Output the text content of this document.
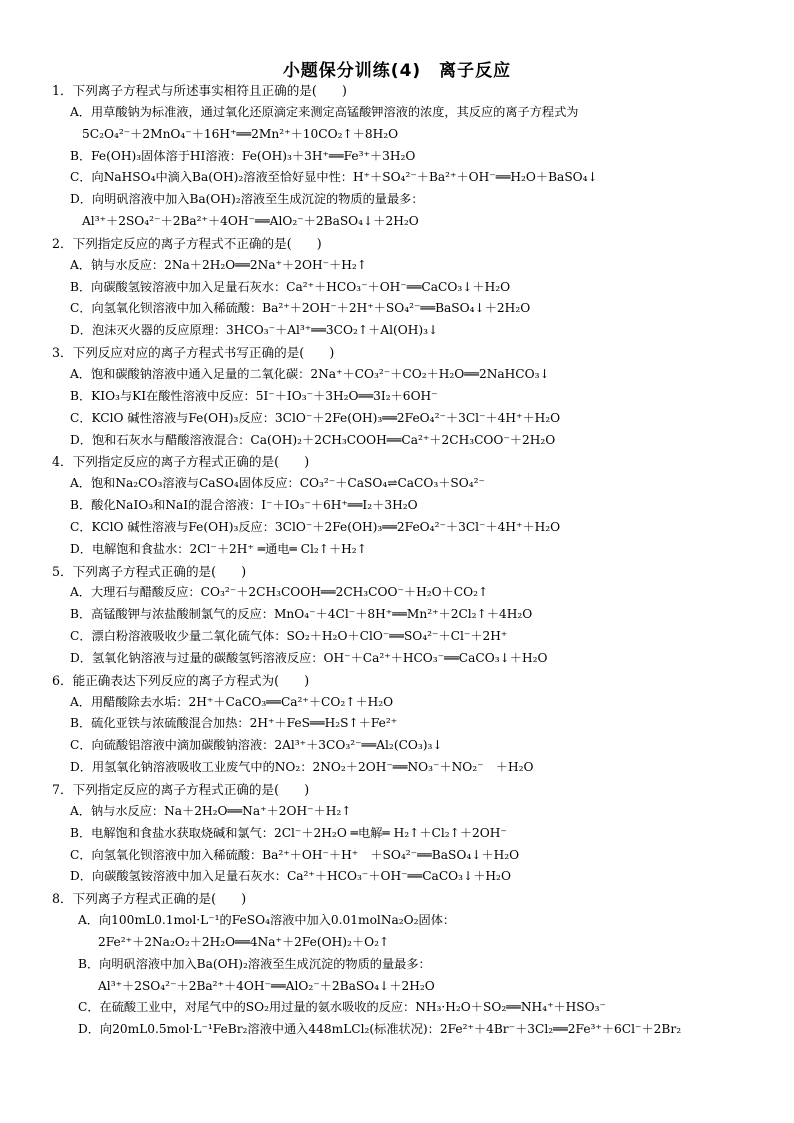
小题保分训练(4)　离子反应
1．下列离子方程式与所述事实相符且正确的是(　　)
A．用草酸钠为标准液，通过氧化还原滴定来测定高锰酸钾溶液的浓度，其反应的离子方程式为
5C₂O₄²⁻＋2MnO₄⁻＋16H⁺══2Mn²⁺＋10CO₂↑＋8H₂O
B．Fe(OH)₃固体溶于HI溶液：Fe(OH)₃＋3H⁺══Fe³⁺＋3H₂O
C．向NaHSO₄中滴入Ba(OH)₂溶液至恰好显中性：H⁺＋SO₄²⁻＋Ba²⁺＋OH⁻══H₂O＋BaSO₄↓
D．向明矾溶液中加入Ba(OH)₂溶液至生成沉淀的物质的量最多：
Al³⁺＋2SO₄²⁻＋2Ba²⁺＋4OH⁻══AlO₂⁻＋2BaSO₄↓＋2H₂O
2．下列指定反应的离子方程式不正确的是(　　)
A．钠与水反应：2Na＋2H₂O══2Na⁺＋2OH⁻＋H₂↑
B．向碳酸氢铵溶液中加入足量石灰水：Ca²⁺＋HCO₃⁻＋OH⁻══CaCO₃↓＋H₂O
C．向氢氧化钡溶液中加入稀硫酸：Ba²⁺＋2OH⁻＋2H⁺＋SO₄²⁻══BaSO₄↓＋2H₂O
D．泡沫灭火器的反应原理：3HCO₃⁻＋Al³⁺══3CO₂↑＋Al(OH)₃↓
3．下列反应对应的离子方程式书写正确的是(　　)
A．饱和碳酸钠溶液中通入足量的二氧化碳：2Na⁺＋CO₃²⁻＋CO₂＋H₂O══2NaHCO₃↓
B．KIO₃与KI在酸性溶液中反应：5I⁻＋IO₃⁻＋3H₂O══3I₂＋6OH⁻
C．KClO 碱性溶液与Fe(OH)₃反应：3ClO⁻＋2Fe(OH)₃══2FeO₄²⁻＋3Cl⁻＋4H⁺＋H₂O
D．饱和石灰水与醋酸溶液混合：Ca(OH)₂＋2CH₃COOH══Ca²⁺＋2CH₃COO⁻＋2H₂O
4．下列指定反应的离子方程式正确的是(　　)
A．饱和Na₂CO₃溶液与CaSO₄固体反应：CO₃²⁻＋CaSO₄⇌CaCO₃＋SO₄²⁻
B．酸化NaIO₃和NaI的混合溶液：I⁻＋IO₃⁻＋6H⁺══I₂＋3H₂O
C．KClO 碱性溶液与Fe(OH)₃反应：3ClO⁻＋2Fe(OH)₃══2FeO₄²⁻＋3Cl⁻＋4H⁺＋H₂O
D．电解饱和食盐水：2Cl⁻＋2H⁺ ═通电═ Cl₂↑＋H₂↑
5．下列离子方程式正确的是(　　)
A．大理石与醋酸反应：CO₃²⁻＋2CH₃COOH══2CH₃COO⁻＋H₂O＋CO₂↑
B．高锰酸钾与浓盐酸制氯气的反应：MnO₄⁻＋4Cl⁻＋8H⁺══Mn²⁺＋2Cl₂↑＋4H₂O
C．漂白粉溶液吸收少量二氧化硫气体：SO₂＋H₂O＋ClO⁻══SO₄²⁻＋Cl⁻＋2H⁺
D．氢氧化钠溶液与过量的碳酸氢钙溶液反应：OH⁻＋Ca²⁺＋HCO₃⁻══CaCO₃↓＋H₂O
6．能正确表达下列反应的离子方程式为(　　)
A．用醋酸除去水垢：2H⁺＋CaCO₃══Ca²⁺＋CO₂↑＋H₂O
B．硫化亚铁与浓硫酸混合加热：2H⁺＋FeS══H₂S↑＋Fe²⁺
C．向硫酸铝溶液中滴加碳酸钠溶液：2Al³⁺＋3CO₃²⁻══Al₂(CO₃)₃↓
D．用氢氧化钠溶液吸收工业废气中的NO₂：2NO₂＋2OH⁻══NO₃⁻＋NO₂⁻　＋H₂O
7．下列指定反应的离子方程式正确的是(　　)
A．钠与水反应：Na＋2H₂O══Na⁺＋2OH⁻＋H₂↑
B．电解饱和食盐水获取烧碱和氯气：2Cl⁻＋2H₂O ═电解═ H₂↑＋Cl₂↑＋2OH⁻
C．向氢氧化钡溶液中加入稀硫酸：Ba²⁺＋OH⁻＋H⁺　＋SO₄²⁻══BaSO₄↓＋H₂O
D．向碳酸氢铵溶液中加入足量石灰水：Ca²⁺＋HCO₃⁻＋OH⁻══CaCO₃↓＋H₂O
8．下列离子方程式正确的是(　　)
A．向100mL0.1mol·L⁻¹的FeSO₄溶液中加入0.01molNa₂O₂固体：
2Fe²⁺＋2Na₂O₂＋2H₂O══4Na⁺＋2Fe(OH)₂＋O₂↑
B．向明矾溶液中加入Ba(OH)₂溶液至生成沉淀的物质的量最多：
Al³⁺＋2SO₄²⁻＋2Ba²⁺＋4OH⁻══AlO₂⁻＋2BaSO₄↓＋2H₂O
C．在硫酸工业中，对尾气中的SO₂用过量的氨水吸收的反应：NH₃·H₂O＋SO₂══NH₄⁺＋HSO₃⁻
D．向20mL0.5mol·L⁻¹FeBr₂溶液中通入448mLCl₂(标准状况)：2Fe²⁺＋4Br⁻＋3Cl₂══2Fe³⁺＋6Cl⁻＋2Br₂
